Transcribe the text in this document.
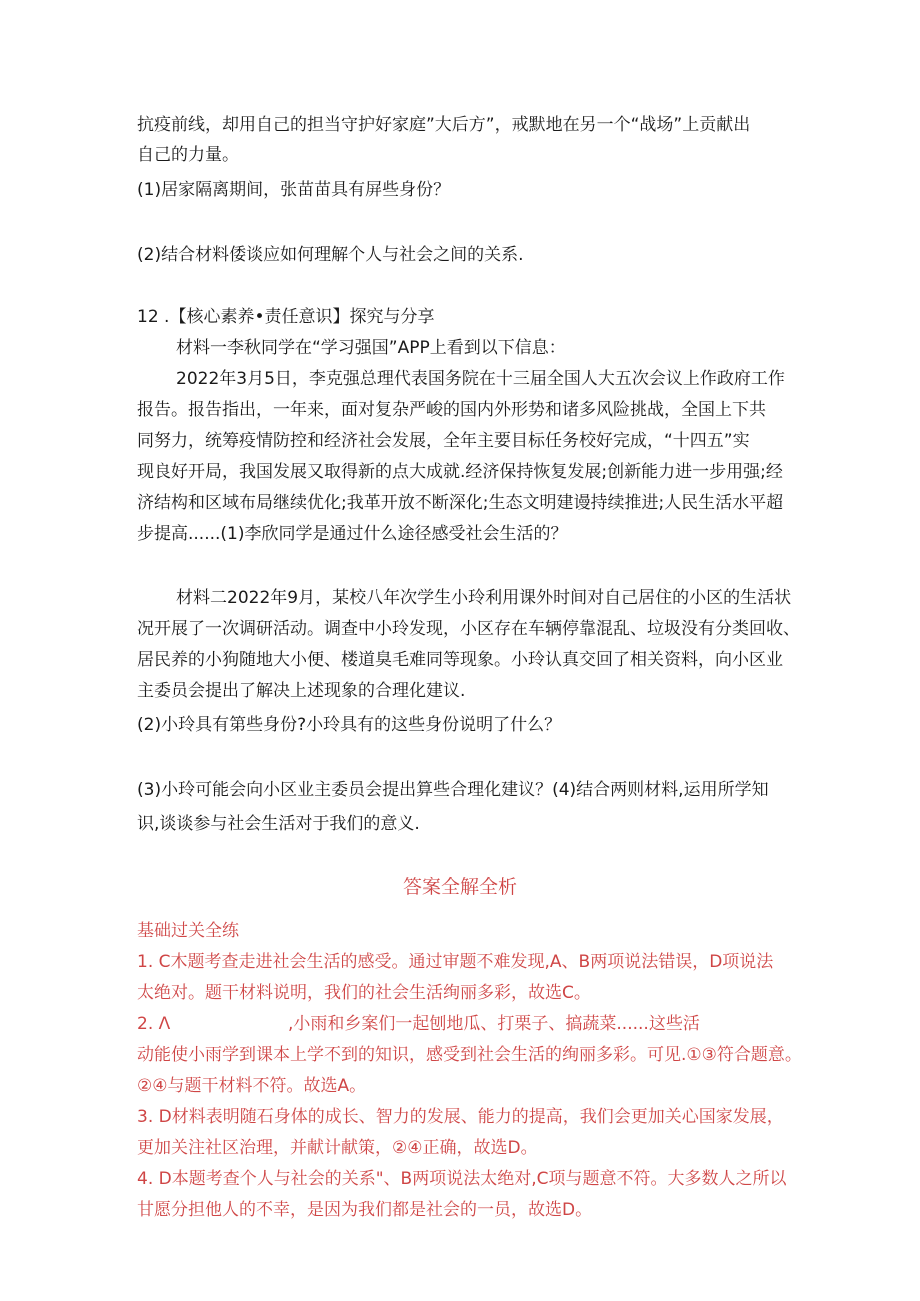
抗疫前线，却用自己的担当守护好家庭”大后方”，戒默地在另一个“战场”上贡献出
自己的力量。
(1)居家隔离期间，张苗苗具有屏些身份？
(2)结合材料倭谈应如何理解个人与社会之间的关系.
12 .【核心素养•责任意识】探究与分享
材料一李秋同学在“学习强国”APP上看到以下信息：
2022年3月5日，李克强总理代表国务院在十三届全国人大五次会议上作政府工作
报告。报告指出，一年来，面对复杂严峻的国内外形势和诸多风险挑战，全国上下共
同努力，统筹疫情防控和经济社会发展，全年主要目标任务校好完成，“十四五”实
现良好开局，我国发展又取得新的点大成就.经济保持恢复发展;创新能力进一步用强;经
济结构和区域布局继续优化;我革开放不断深化;生态文明建谩持续推进;人民生活水平超
步提高......(1)李欣同学是通过什么途径感受社会生活的？
材料二2022年9月，某校八年次学生小玲利用课外时间对自己居住的小区的生活状
况开展了一次调研活动。调查中小玲发现，小区存在车辆停靠混乱、垃圾没有分类回收、
居民养的小狗随地大小便、楼道臭毛难同等现象。小玲认真交回了相关资料，向小区业
主委员会提出了解决上述现象的合理化建议.
(2)小玲具有第些身份?小玲具有的这些身份说明了什么？
(3)小玲可能会向小区业主委员会提出算些合理化建议？(4)结合两则材料,运用所学知
识,谈谈参与社会生活对于我们的意义.
答案全解全析
基础过关全练
1. C木题考查走进社会生活的感受。通过审题不难发现,A、B两项说法错误，D项说法
太绝对。题干材料说明，我们的社会生活绚丽多彩，故选C。
2. Λ	,小雨和乡案们一起刨地瓜、打栗子、搞蔬菜......这些活
动能使小雨学到课本上学不到的知识，感受到社会生活的绚丽多彩。可见.①③符合题意。
②④与题干材料不符。故选A。
3. D材料表明随石身体的成长、智力的发展、能力的提高，我们会更加关心国家发展，
更加关注社区治理，并献计献策，②④正确，故选D。
4. D本题考查个人与社会的关系"、B两项说法太绝对,C项与题意不符。大多数人之所以
甘愿分担他人的不幸，是因为我们都是社会的一员，故选D。
